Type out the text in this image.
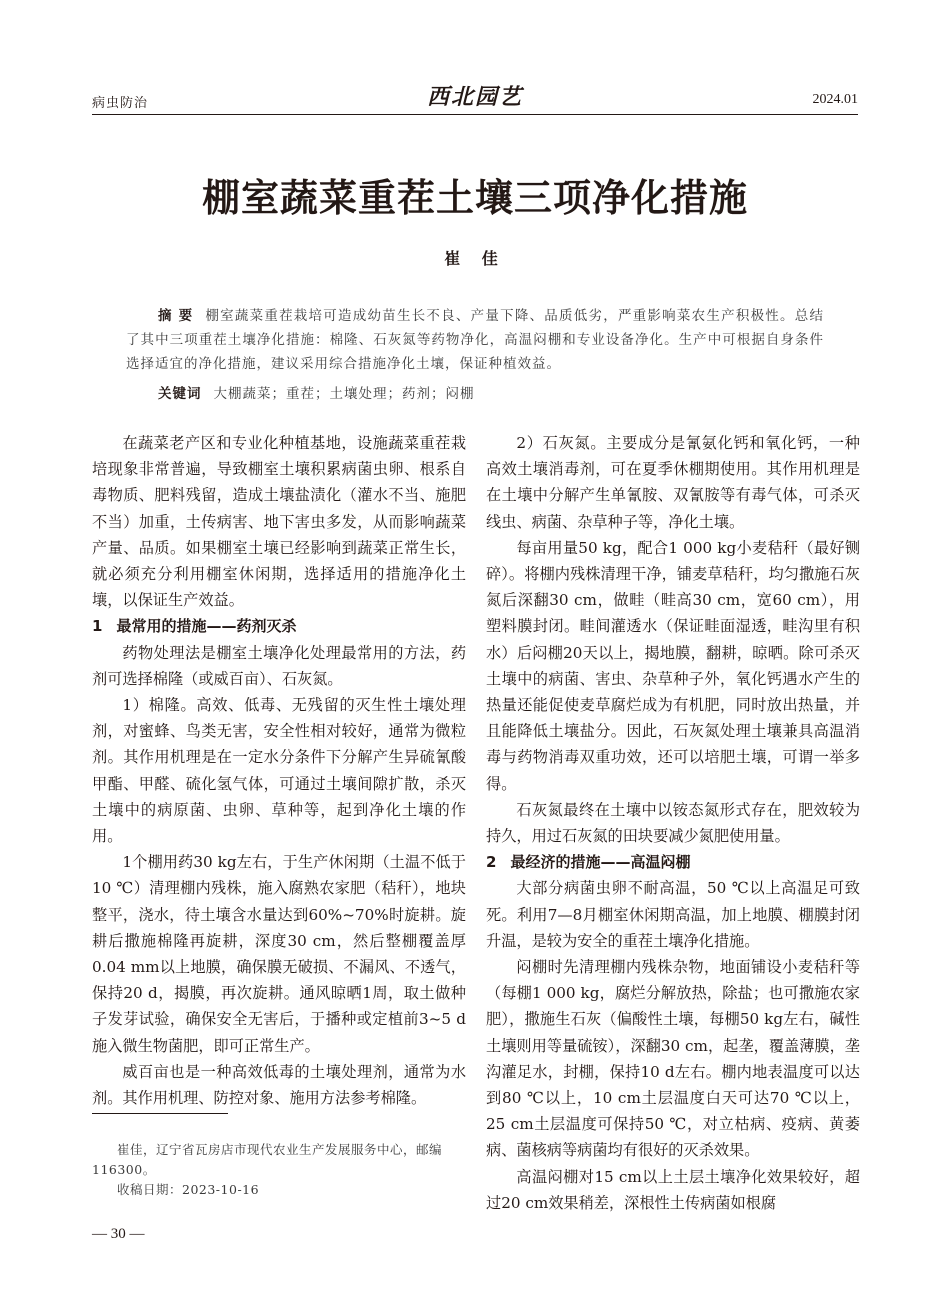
病虫防治	西北园艺	2024.01
棚室蔬菜重茬土壤三项净化措施
崔 佳

摘 要 棚室蔬菜重茬栽培可造成幼苗生长不良、产量下降、品质低劣，严重影响菜农生产积极性。总结了其中三项重茬土壤净化措施：棉隆、石灰氮等药物净化，高温闷棚和专业设备净化。生产中可根据自身条件选择适宜的净化措施，建议采用综合措施净化土壤，保证种植效益。

关键词 大棚蔬菜；重茬；土壤处理；药剂；闷棚

在蔬菜老产区和专业化种植基地，设施蔬菜重茬栽培现象非常普遍，导致棚室土壤积累病菌虫卵、根系自毒物质、肥料残留，造成土壤盐渍化（灌水不当、施肥不当）加重，土传病害、地下害虫多发，从而影响蔬菜产量、品质。如果棚室土壤已经影响到蔬菜正常生长，就必须充分利用棚室休闲期，选择适用的措施净化土壤，以保证生产效益。

1 最常用的措施——药剂灭杀

药物处理法是棚室土壤净化处理最常用的方法，药剂可选择棉隆（或威百亩）、石灰氮。

1）棉隆。高效、低毒、无残留的灭生性土壤处理剂，对蜜蜂、鸟类无害，安全性相对较好，通常为微粒剂。其作用机理是在一定水分条件下分解产生异硫氰酸甲酯、甲醛、硫化氢气体，可通过土壤间隙扩散，杀灭土壤中的病原菌、虫卵、草种等，起到净化土壤的作用。

1个棚用药30 kg左右，于生产休闲期（土温不低于10 ℃）清理棚内残株，施入腐熟农家肥（秸秆），地块整平，浇水，待土壤含水量达到60%~70%时旋耕。旋耕后撒施棉隆再旋耕，深度30 cm，然后整棚覆盖厚0.04 mm以上地膜，确保膜无破损、不漏风、不透气，保持20 d，揭膜，再次旋耕。通风晾晒1周，取土做种子发芽试验，确保安全无害后，于播种或定植前3~5 d施入微生物菌肥，即可正常生产。

威百亩也是一种高效低毒的土壤处理剂，通常为水剂。其作用机理、防控对象、施用方法参考棉隆。

2）石灰氮。主要成分是氰氨化钙和氧化钙，一种高效土壤消毒剂，可在夏季休棚期使用。其作用机理是在土壤中分解产生单氰胺、双氰胺等有毒气体，可杀灭线虫、病菌、杂草种子等，净化土壤。

每亩用量50 kg，配合1 000 kg小麦秸秆（最好铡碎）。将棚内残株清理干净，铺麦草秸秆，均匀撒施石灰氮后深翻30 cm，做畦（畦高30 cm，宽60 cm），用塑料膜封闭。畦间灌透水（保证畦面湿透，畦沟里有积水）后闷棚20天以上，揭地膜，翻耕，晾晒。除可杀灭土壤中的病菌、害虫、杂草种子外，氧化钙遇水产生的热量还能促使麦草腐烂成为有机肥，同时放出热量，并且能降低土壤盐分。因此，石灰氮处理土壤兼具高温消毒与药物消毒双重功效，还可以培肥土壤，可谓一举多得。

石灰氮最终在土壤中以铵态氮形式存在，肥效较为持久，用过石灰氮的田块要减少氮肥使用量。

2 最经济的措施——高温闷棚

大部分病菌虫卵不耐高温，50 ℃以上高温足可致死。利用7—8月棚室休闲期高温，加上地膜、棚膜封闭升温，是较为安全的重茬土壤净化措施。

闷棚时先清理棚内残株杂物，地面铺设小麦秸秆等（每棚1 000 kg，腐烂分解放热，除盐；也可撒施农家肥），撒施生石灰（偏酸性土壤，每棚50 kg左右，碱性土壤则用等量硫铵），深翻30 cm，起垄，覆盖薄膜，垄沟灌足水，封棚，保持10 d左右。棚内地表温度可以达到80 ℃以上，10 cm土层温度白天可达70 ℃以上，25 cm土层温度可保持50 ℃，对立枯病、疫病、黄萎病、菌核病等病菌均有很好的灭杀效果。

高温闷棚对15 cm以上土层土壤净化效果较好，超过20 cm效果稍差，深根性土传病菌如根腐

崔佳，辽宁省瓦房店市现代农业生产发展服务中心，邮编116300。

收稿日期：2023-10-16

— 30 —
